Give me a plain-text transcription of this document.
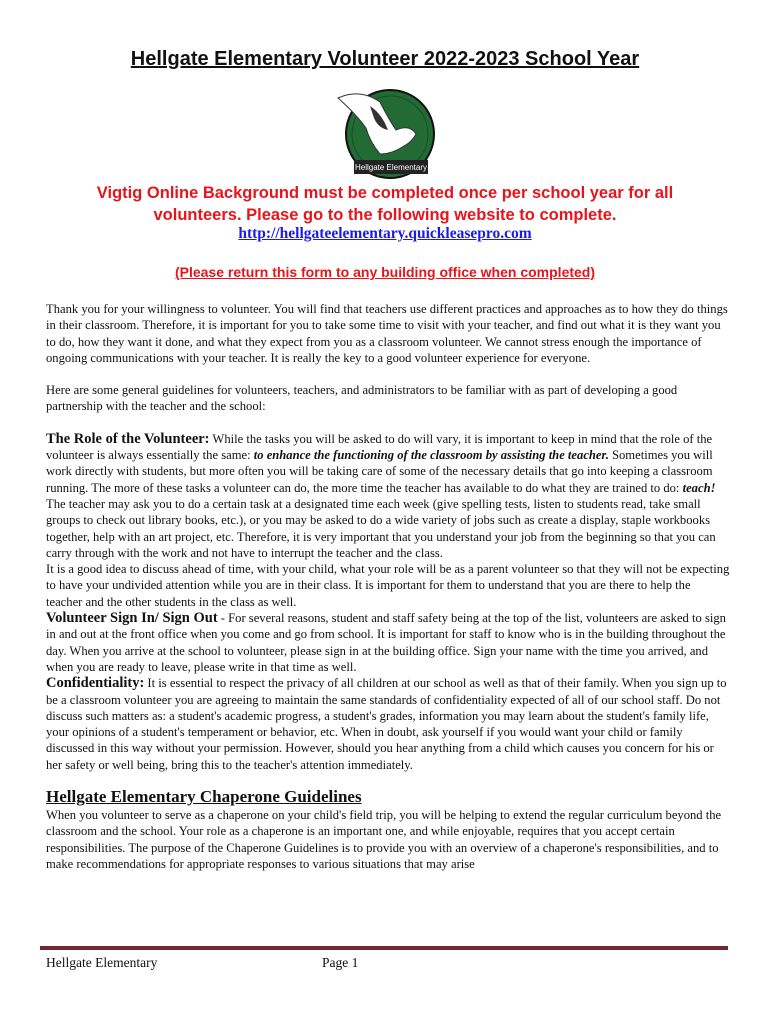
Hellgate Elementary Volunteer 2022-2023 School Year
Hellgate Elementary
Vigtig Online Background must be completed once per school year for all
volunteers. Please go to the following website to complete.
http://hellgateelementary.quickleasepro.com
(Please return this form to any building office when completed)

Thank you for your willingness to volunteer. You will find that teachers use different practices and approaches as to how they do things in their classroom. Therefore, it is important for you to take some time to visit with your teacher, and find out what it is they want you to do, how they want it done, and what they expect from you as a classroom volunteer. We cannot stress enough the importance of ongoing communications with your teacher. It is really the key to a good volunteer experience for everyone.

Here are some general guidelines for volunteers, teachers, and administrators to be familiar with as part of developing a good partnership with the teacher and the school:

The Role of the Volunteer: While the tasks you will be asked to do will vary, it is important to keep in mind that the role of the volunteer is always essentially the same: to enhance the functioning of the classroom by assisting the teacher. Sometimes you will work directly with students, but more often you will be taking care of some of the necessary details that go into keeping a classroom running. The more of these tasks a volunteer can do, the more time the teacher has available to do what they are trained to do: teach!

The teacher may ask you to do a certain task at a designated time each week (give spelling tests, listen to students read, take small groups to check out library books, etc.), or you may be asked to do a wide variety of jobs such as create a display, staple workbooks together, help with an art project, etc. Therefore, it is very important that you understand your job from the beginning so that you can carry through with the work and not have to interrupt the teacher and the class.

It is a good idea to discuss ahead of time, with your child, what your role will be as a parent volunteer so that they will not be expecting to have your undivided attention while you are in their class. It is important for them to understand that you are there to help the teacher and the other students in the class as well.

Volunteer Sign In/ Sign Out - For several reasons, student and staff safety being at the top of the list, volunteers are asked to sign in and out at the front office when you come and go from school. It is important for staff to know who is in the building throughout the day. When you arrive at the school to volunteer, please sign in at the building office. Sign your name with the time you arrived, and when you are ready to leave, please write in that time as well.

Confidentiality: It is essential to respect the privacy of all children at our school as well as that of their family. When you sign up to be a classroom volunteer you are agreeing to maintain the same standards of confidentiality expected of all of our school staff. Do not discuss such matters as: a student's academic progress, a student's grades, information you may learn about the student's family life, your opinions of a student's temperament or behavior, etc. When in doubt, ask yourself if you would want your child or family discussed in this way without your permission. However, should you hear anything from a child which causes you concern for his or her safety or well being, bring this to the teacher's attention immediately.

Hellgate Elementary Chaperone Guidelines

When you volunteer to serve as a chaperone on your child's field trip, you will be helping to extend the regular curriculum beyond the classroom and the school. Your role as a chaperone is an important one, and while enjoyable, requires that you accept certain responsibilities. The purpose of the Chaperone Guidelines is to provide you with an overview of a chaperone's responsibilities, and to make recommendations for appropriate responses to various situations that may arise

Hellgate Elementary	Page 1
